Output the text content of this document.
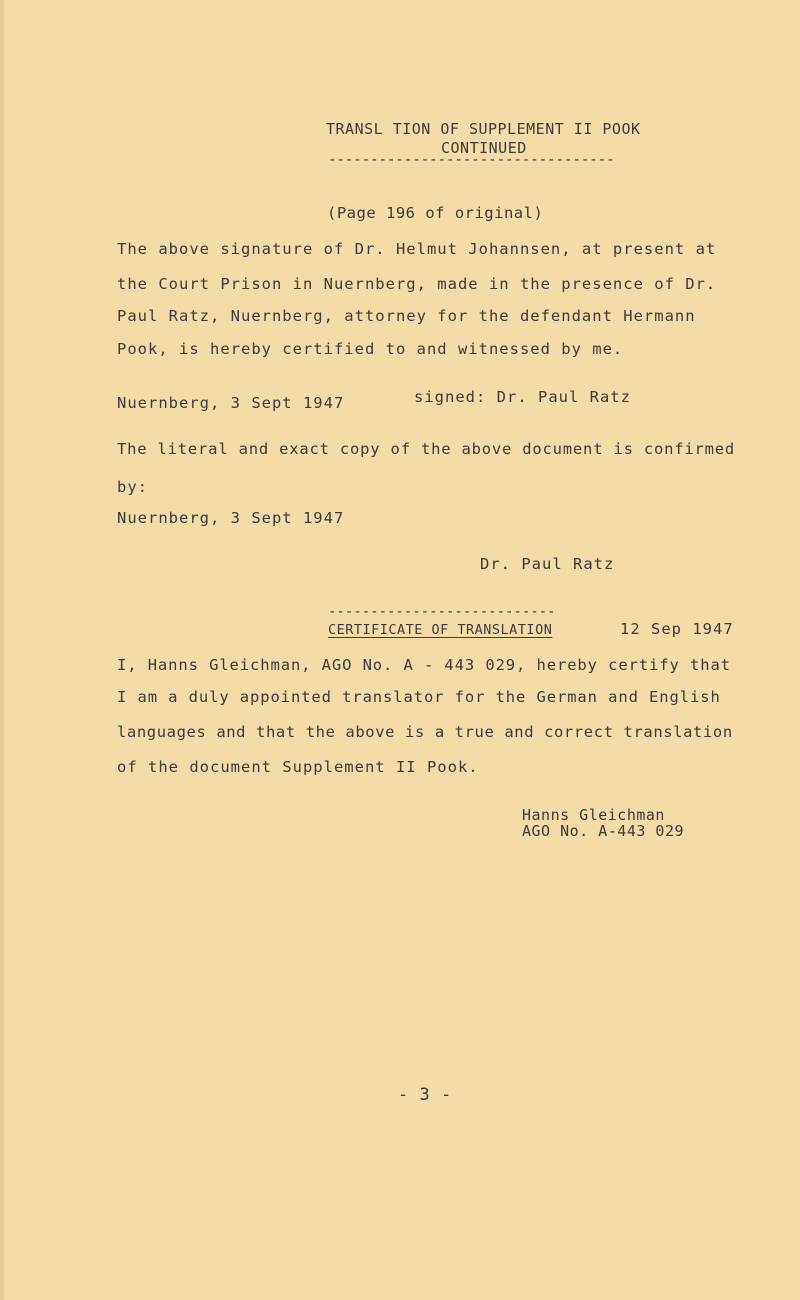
TRANSL TION OF SUPPLEMENT II POOK
CONTINUED
----------------------------------
(Page 196 of original)
The above signature of Dr. Helmut Johannsen, at present at
the Court Prison in Nuernberg, made in the presence of Dr.
Paul Ratz, Nuernberg, attorney for the defendant Hermann
Pook, is hereby certified to and witnessed by me.
Nuernberg, 3 Sept 1947	signed: Dr. Paul Ratz
The literal and exact copy of the above document is confirmed
by:
Nuernberg, 3 Sept 1947
Dr. Paul Ratz
---------------------------
CERTIFICATE OF TRANSLATION	12 Sep 1947
I, Hanns Gleichman, AGO No. A - 443 029, hereby certify that
I am a duly appointed translator for the German and English
languages and that the above is a true and correct translation
of the document Supplement II Pook.
Hanns Gleichman
AGO No. A-443 029
- 3 -
